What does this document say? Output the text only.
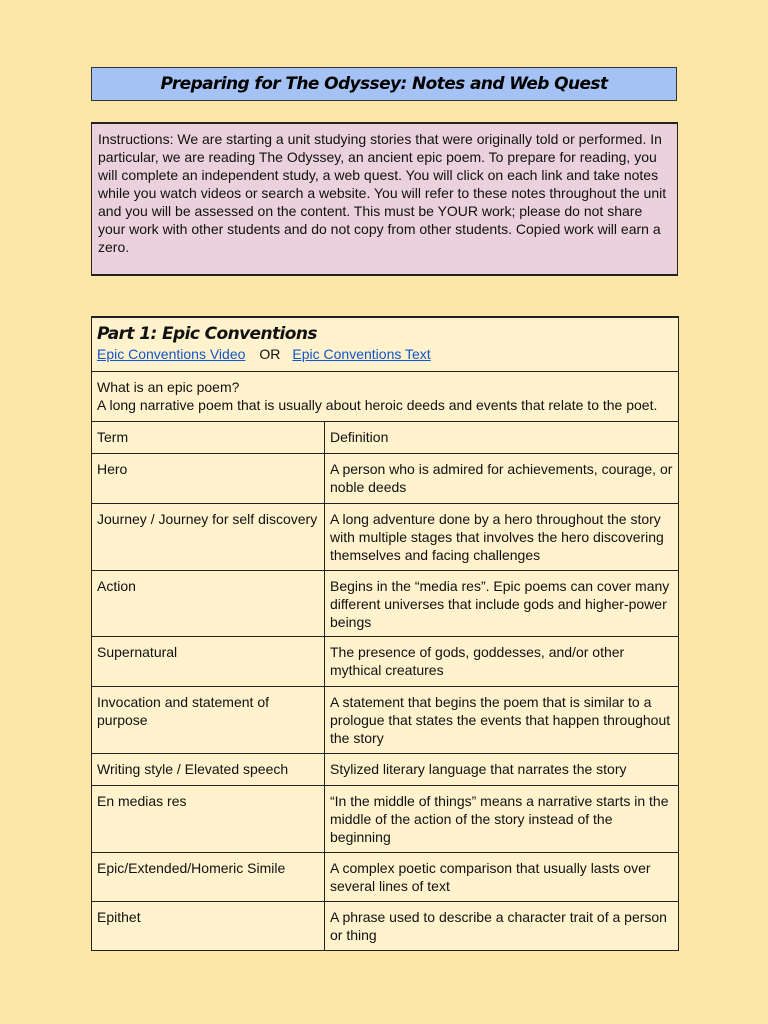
Preparing for The Odyssey: Notes and Web Quest
Instructions: We are starting a unit studying stories that were originally told or performed. In particular, we are reading The Odyssey, an ancient epic poem. To prepare for reading, you will complete an independent study, a web quest. You will click on each link and take notes while you watch videos or search a website. You will refer to these notes throughout the unit and you will be assessed on the content. This must be YOUR work; please do not share your work with other students and do not copy from other students. Copied work will earn a zero.
Part 1: Epic Conventions
Epic Conventions Video OR Epic Conventions Text	

What is an epic poem?
A long narrative poem that is usually about heroic deeds and events that relate to the poet.	

Term	Definition
Hero	A person who is admired for achievements, courage, or noble deeds
Journey / Journey for self discovery	A long adventure done by a hero throughout the story with multiple stages that involves the hero discovering themselves and facing challenges
Action	Begins in the “media res”. Epic poems can cover many different universes that include gods and higher-power beings
Supernatural	The presence of gods, goddesses, and/or other mythical creatures
Invocation and statement of purpose	A statement that begins the poem that is similar to a prologue that states the events that happen throughout the story
Writing style / Elevated speech	Stylized literary language that narrates the story
En medias res	“In the middle of things” means a narrative starts in the middle of the action of the story instead of the beginning
Epic/Extended/Homeric Simile	A complex poetic comparison that usually lasts over several lines of text
Epithet	A phrase used to describe a character trait of a person or thing
